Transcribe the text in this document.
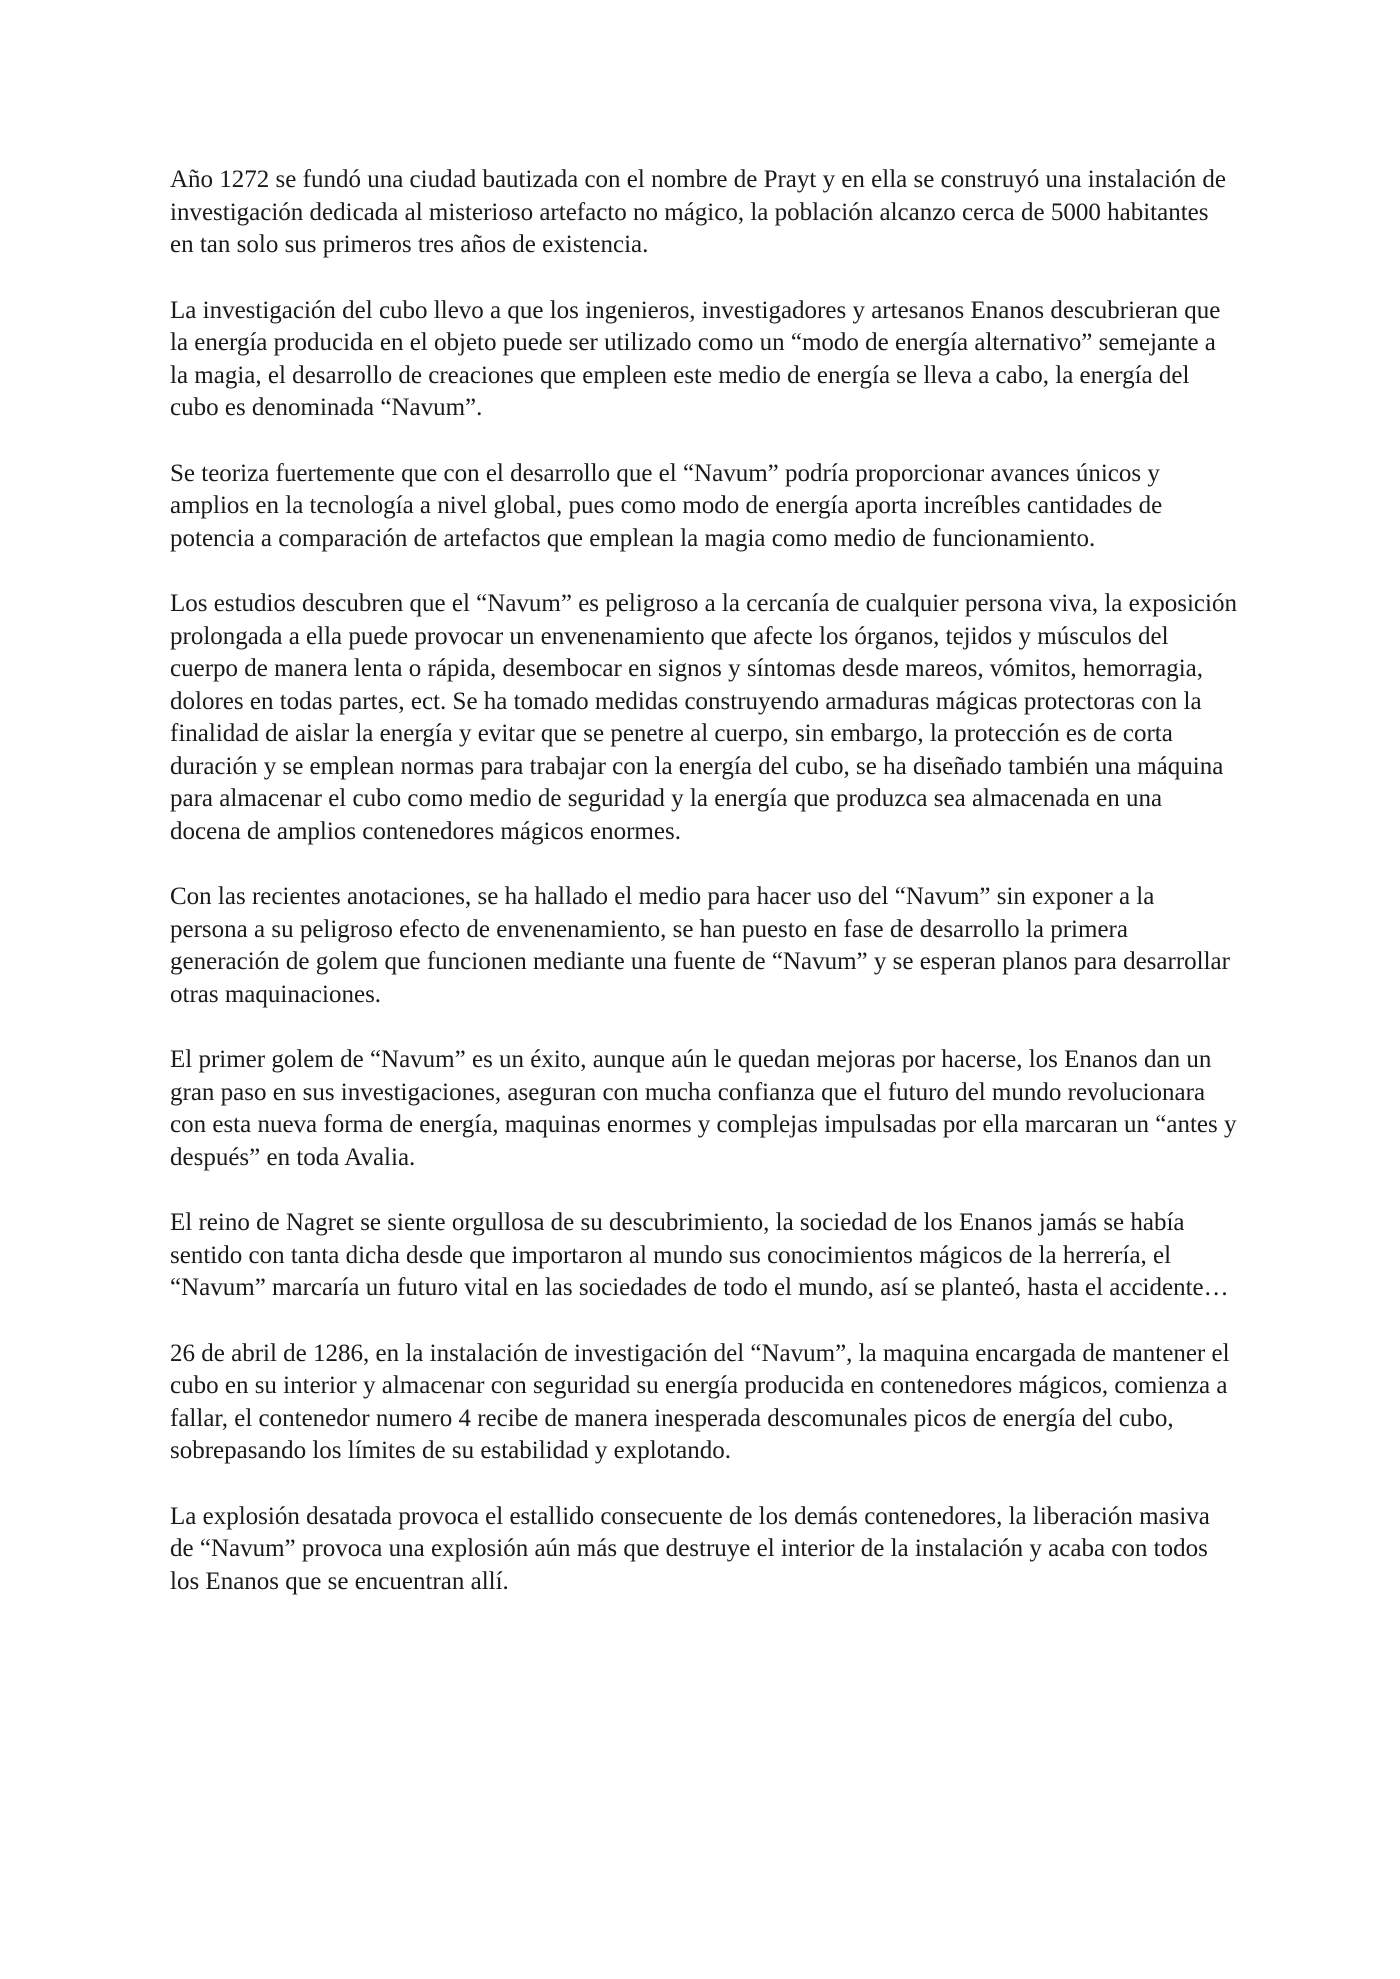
Año 1272 se fundó una ciudad bautizada con el nombre de Prayt y en ella se construyó una instalación de investigación dedicada al misterioso artefacto no mágico, la población alcanzo cerca de 5000 habitantes en tan solo sus primeros tres años de existencia.

La investigación del cubo llevo a que los ingenieros, investigadores y artesanos Enanos descubrieran que la energía producida en el objeto puede ser utilizado como un “modo de energía alternativo” semejante a la magia, el desarrollo de creaciones que empleen este medio de energía se lleva a cabo, la energía del cubo es denominada “Navum”.

Se teoriza fuertemente que con el desarrollo que el “Navum” podría proporcionar avances únicos y amplios en la tecnología a nivel global, pues como modo de energía aporta increíbles cantidades de potencia a comparación de artefactos que emplean la magia como medio de funcionamiento.

Los estudios descubren que el “Navum” es peligroso a la cercanía de cualquier persona viva, la exposición prolongada a ella puede provocar un envenenamiento que afecte los órganos, tejidos y músculos del cuerpo de manera lenta o rápida, desembocar en signos y síntomas desde mareos, vómitos, hemorragia, dolores en todas partes, ect. Se ha tomado medidas construyendo armaduras mágicas protectoras con la finalidad de aislar la energía y evitar que se penetre al cuerpo, sin embargo, la protección es de corta duración y se emplean normas para trabajar con la energía del cubo, se ha diseñado también una máquina para almacenar el cubo como medio de seguridad y la energía que produzca sea almacenada en una docena de amplios contenedores mágicos enormes.

Con las recientes anotaciones, se ha hallado el medio para hacer uso del “Navum” sin exponer a la persona a su peligroso efecto de envenenamiento, se han puesto en fase de desarrollo la primera generación de golem que funcionen mediante una fuente de “Navum” y se esperan planos para desarrollar otras maquinaciones.

El primer golem de “Navum” es un éxito, aunque aún le quedan mejoras por hacerse, los Enanos dan un gran paso en sus investigaciones, aseguran con mucha confianza que el futuro del mundo revolucionara con esta nueva forma de energía, maquinas enormes y complejas impulsadas por ella marcaran un “antes y después” en toda Avalia.

El reino de Nagret se siente orgullosa de su descubrimiento, la sociedad de los Enanos jamás se había sentido con tanta dicha desde que importaron al mundo sus conocimientos mágicos de la herrería, el “Navum” marcaría un futuro vital en las sociedades de todo el mundo, así se planteó, hasta el accidente…

26 de abril de 1286, en la instalación de investigación del “Navum”, la maquina encargada de mantener el cubo en su interior y almacenar con seguridad su energía producida en contenedores mágicos, comienza a fallar, el contenedor numero 4 recibe de manera inesperada descomunales picos de energía del cubo, sobrepasando los límites de su estabilidad y explotando.

La explosión desatada provoca el estallido consecuente de los demás contenedores, la liberación masiva de “Navum” provoca una explosión aún más que destruye el interior de la instalación y acaba con todos los Enanos que se encuentran allí.
